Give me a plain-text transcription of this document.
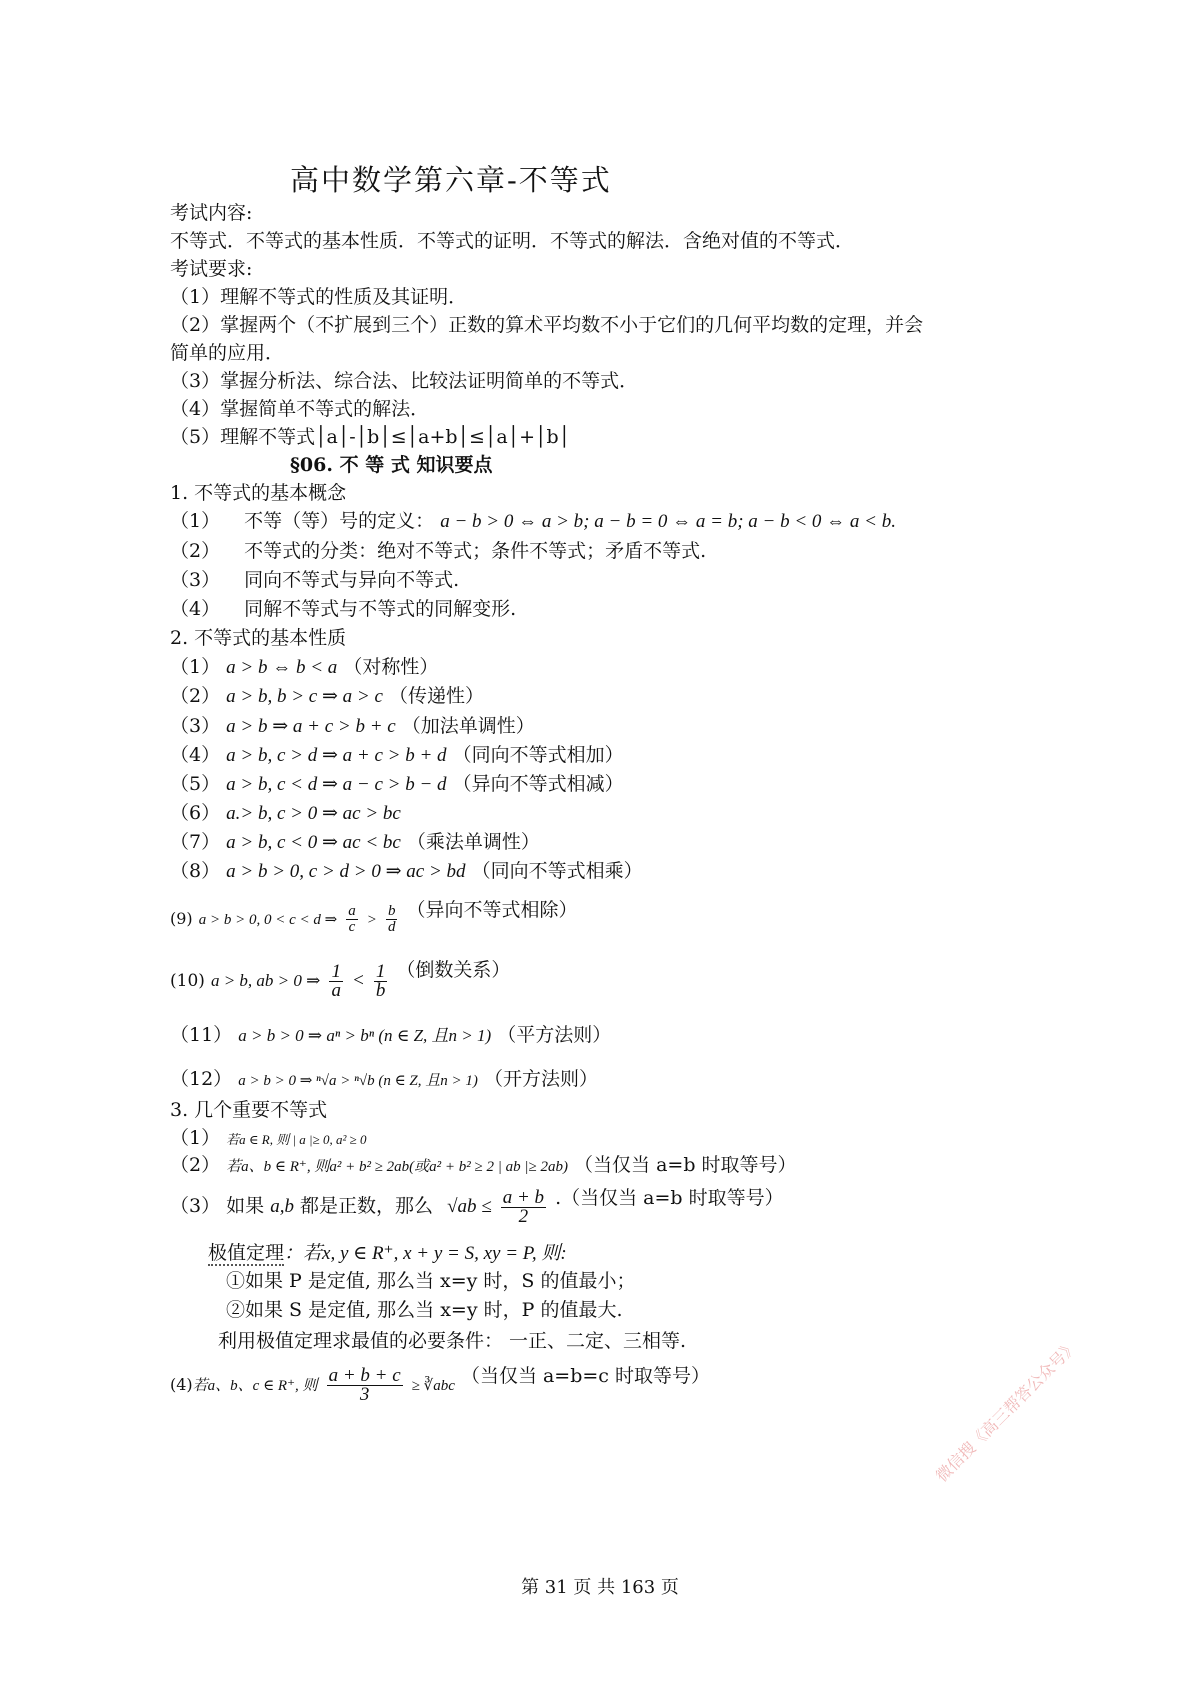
高中数学第六章-不等式
考试内容:
不等式．不等式的基本性质．不等式的证明．不等式的解法．含绝对值的不等式．
考试要求:
（1）理解不等式的性质及其证明．
（2）掌握两个（不扩展到三个）正数的算术平均数不小于它们的几何平均数的定理，并会
简单的应用．
（3）掌握分析法、综合法、比较法证明简单的不等式．
（4）掌握简单不等式的解法．
（5）理解不等式│a│-│b│≤│a+b│≤│a│+│b│
§06. 不 等 式 知识要点
1. 不等式的基本概念
（1） 不等（等）号的定义： a − b > 0 ⇔ a > b; a − b = 0 ⇔ a = b; a − b < 0 ⇔ a < b.
（2） 不等式的分类：绝对不等式；条件不等式；矛盾不等式.
（3） 同向不等式与异向不等式.
（4） 同解不等式与不等式的同解变形.
2. 不等式的基本性质
（1） a > b ⇔ b < a （对称性）
（2） a > b, b > c ⇒ a > c （传递性）
（3） a > b ⇒ a + c > b + c （加法单调性）
（4） a > b, c > d ⇒ a + c > b + d （同向不等式相加）
（5） a > b, c < d ⇒ a − c > b − d （异向不等式相减）
（6） a.> b, c > 0 ⇒ ac > bc
（7） a > b, c < 0 ⇒ ac < bc （乘法单调性）
（8） a > b > 0, c > d > 0 ⇒ ac > bd （同向不等式相乘）
(9) a > b > 0, 0 < c < d ⇒ $\frac{a}{c} > \frac{b}{d}$ （异向不等式相除）
(10) a > b, ab > 0 ⇒ $\frac{1}{a} < \frac{1}{b}$ （倒数关系）
（11） a > b > 0 ⇒ aⁿ > bⁿ (n ∈ Z, 且n > 1) （平方法则）
（12） a > b > 0 ⇒ ⁿ√a > ⁿ√b (n ∈ Z, 且n > 1) （开方法则）
3. 几个重要不等式
（1） 若a ∈ R, 则 | a |≥ 0, a² ≥ 0
（2） 若a、b ∈ R⁺, 则a² + b² ≥ 2ab(或a² + b² ≥ 2 | ab |≥ 2ab) （当仅当 a=b 时取等号）
（3） 如果 a,b 都是正数，那么 $√ab \le \frac{a + b}{2}$ .（当仅当 a=b 时取等号）
极值定理：若x, y ∈ R⁺, x + y = S, xy = P, 则:
①如果 P 是定值, 那么当 x=y 时，S 的值最小；
②如果 S 是定值, 那么当 x=y 时，P 的值最大.
利用极值定理求最值的必要条件： 一正、二定、三相等.
(4)若a、b、c ∈ R⁺, 则 $\frac{a + b + c}{3}$ ≥ ∛abc （当仅当 a=b=c 时取等号）
第 31 页 共 163 页
微信搜《高三帮答公众号》
